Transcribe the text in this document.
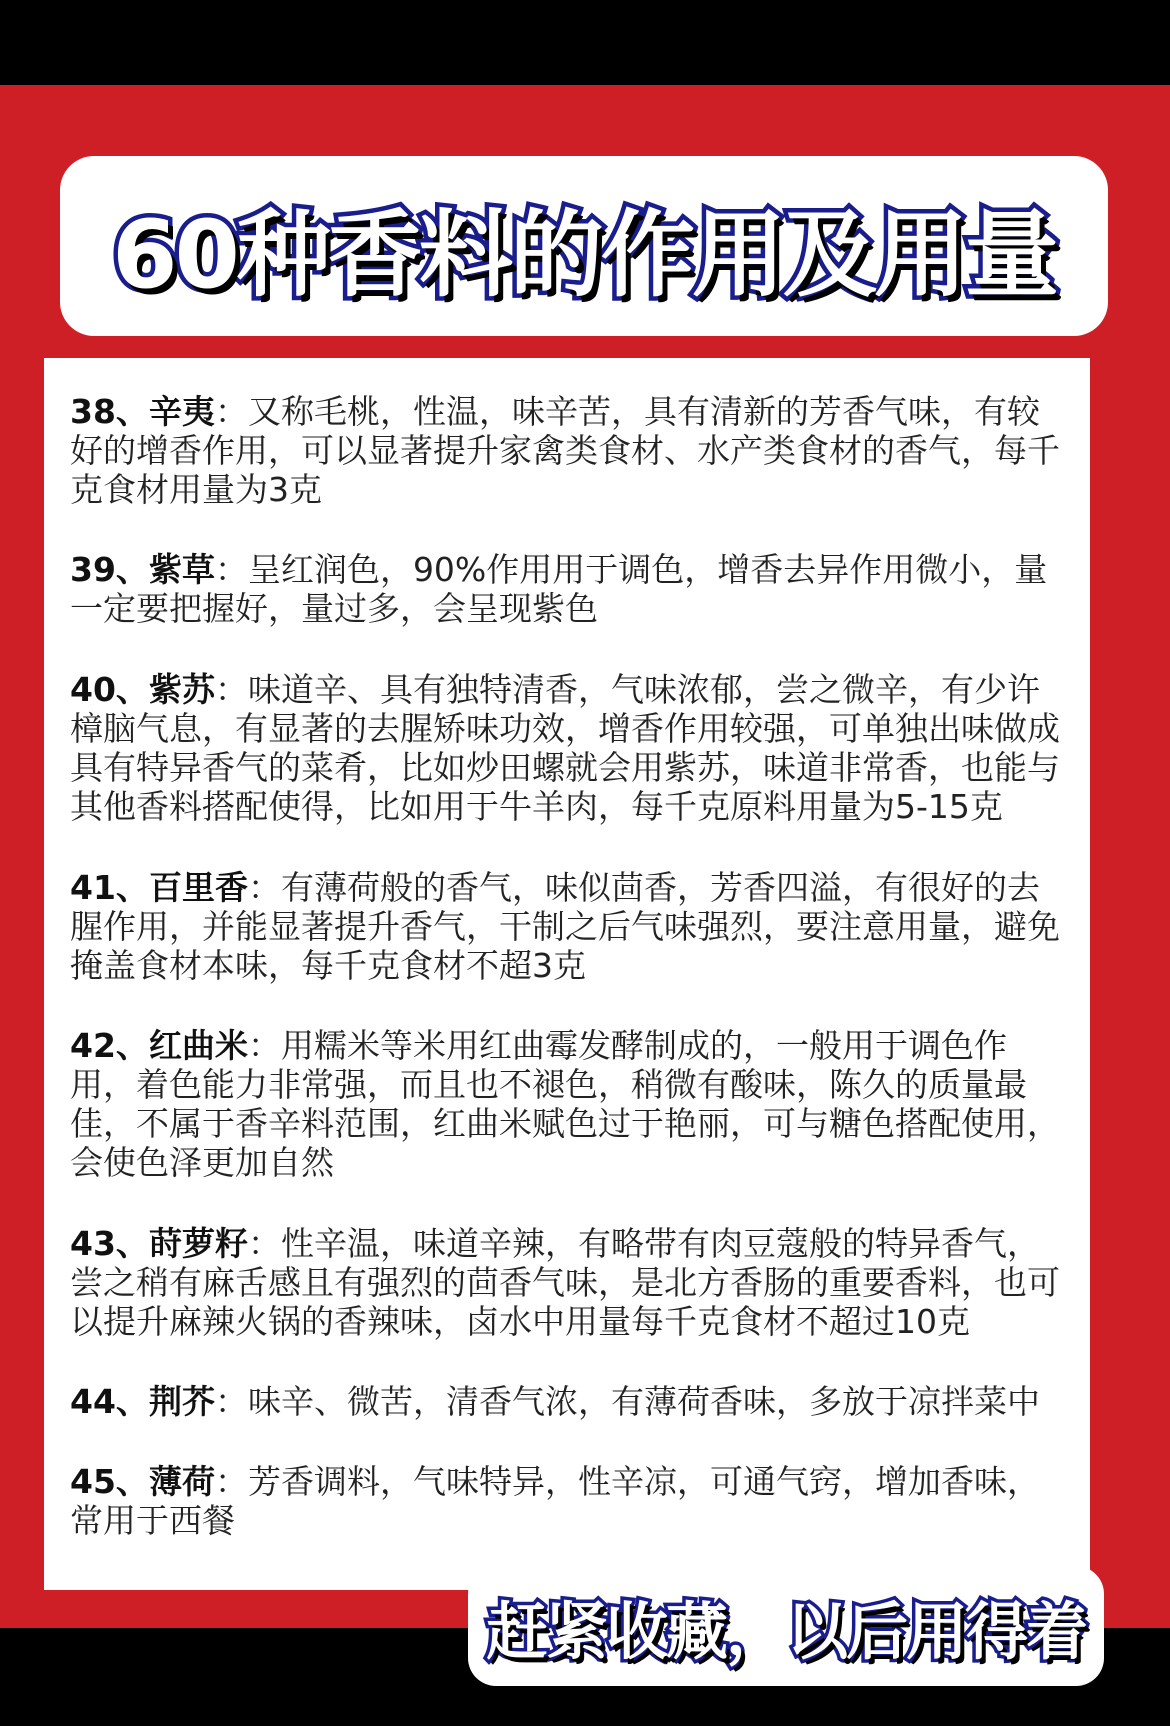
60种香料的作用及用量
38、辛夷：又称毛桃，性温，味辛苦，具有清新的芳香气味，有较好的增香作用，可以显著提升家禽类食材、水产类食材的香气，每千克食材用量为3克
39、紫草：呈红润色，90%作用用于调色，增香去异作用微小，量一定要把握好，量过多，会呈现紫色
40、紫苏：味道辛、具有独特清香，气味浓郁，尝之微辛，有少许樟脑气息，有显著的去腥矫味功效，增香作用较强，可单独出味做成具有特异香气的菜肴，比如炒田螺就会用紫苏，味道非常香，也能与其他香料搭配使得，比如用于牛羊肉，每千克原料用量为5-15克
41、百里香：有薄荷般的香气，味似茴香，芳香四溢，有很好的去腥作用，并能显著提升香气，干制之后气味强烈，要注意用量，避免掩盖食材本味，每千克食材不超3克
42、红曲米：用糯米等米用红曲霉发酵制成的，一般用于调色作用，着色能力非常强，而且也不褪色，稍微有酸味，陈久的质量最佳，不属于香辛料范围，红曲米赋色过于艳丽，可与糖色搭配使用，会使色泽更加自然
43、莳萝籽：性辛温，味道辛辣，有略带有肉豆蔻般的特异香气，尝之稍有麻舌感且有强烈的茴香气味，是北方香肠的重要香料，也可以提升麻辣火锅的香辣味，卤水中用量每千克食材不超过10克
44、荆芥：味辛、微苦，清香气浓，有薄荷香味，多放于凉拌菜中
45、薄荷：芳香调料，气味特异，性辛凉，可通气窍，增加香味，常用于西餐
赶紧收藏，以后用得着
